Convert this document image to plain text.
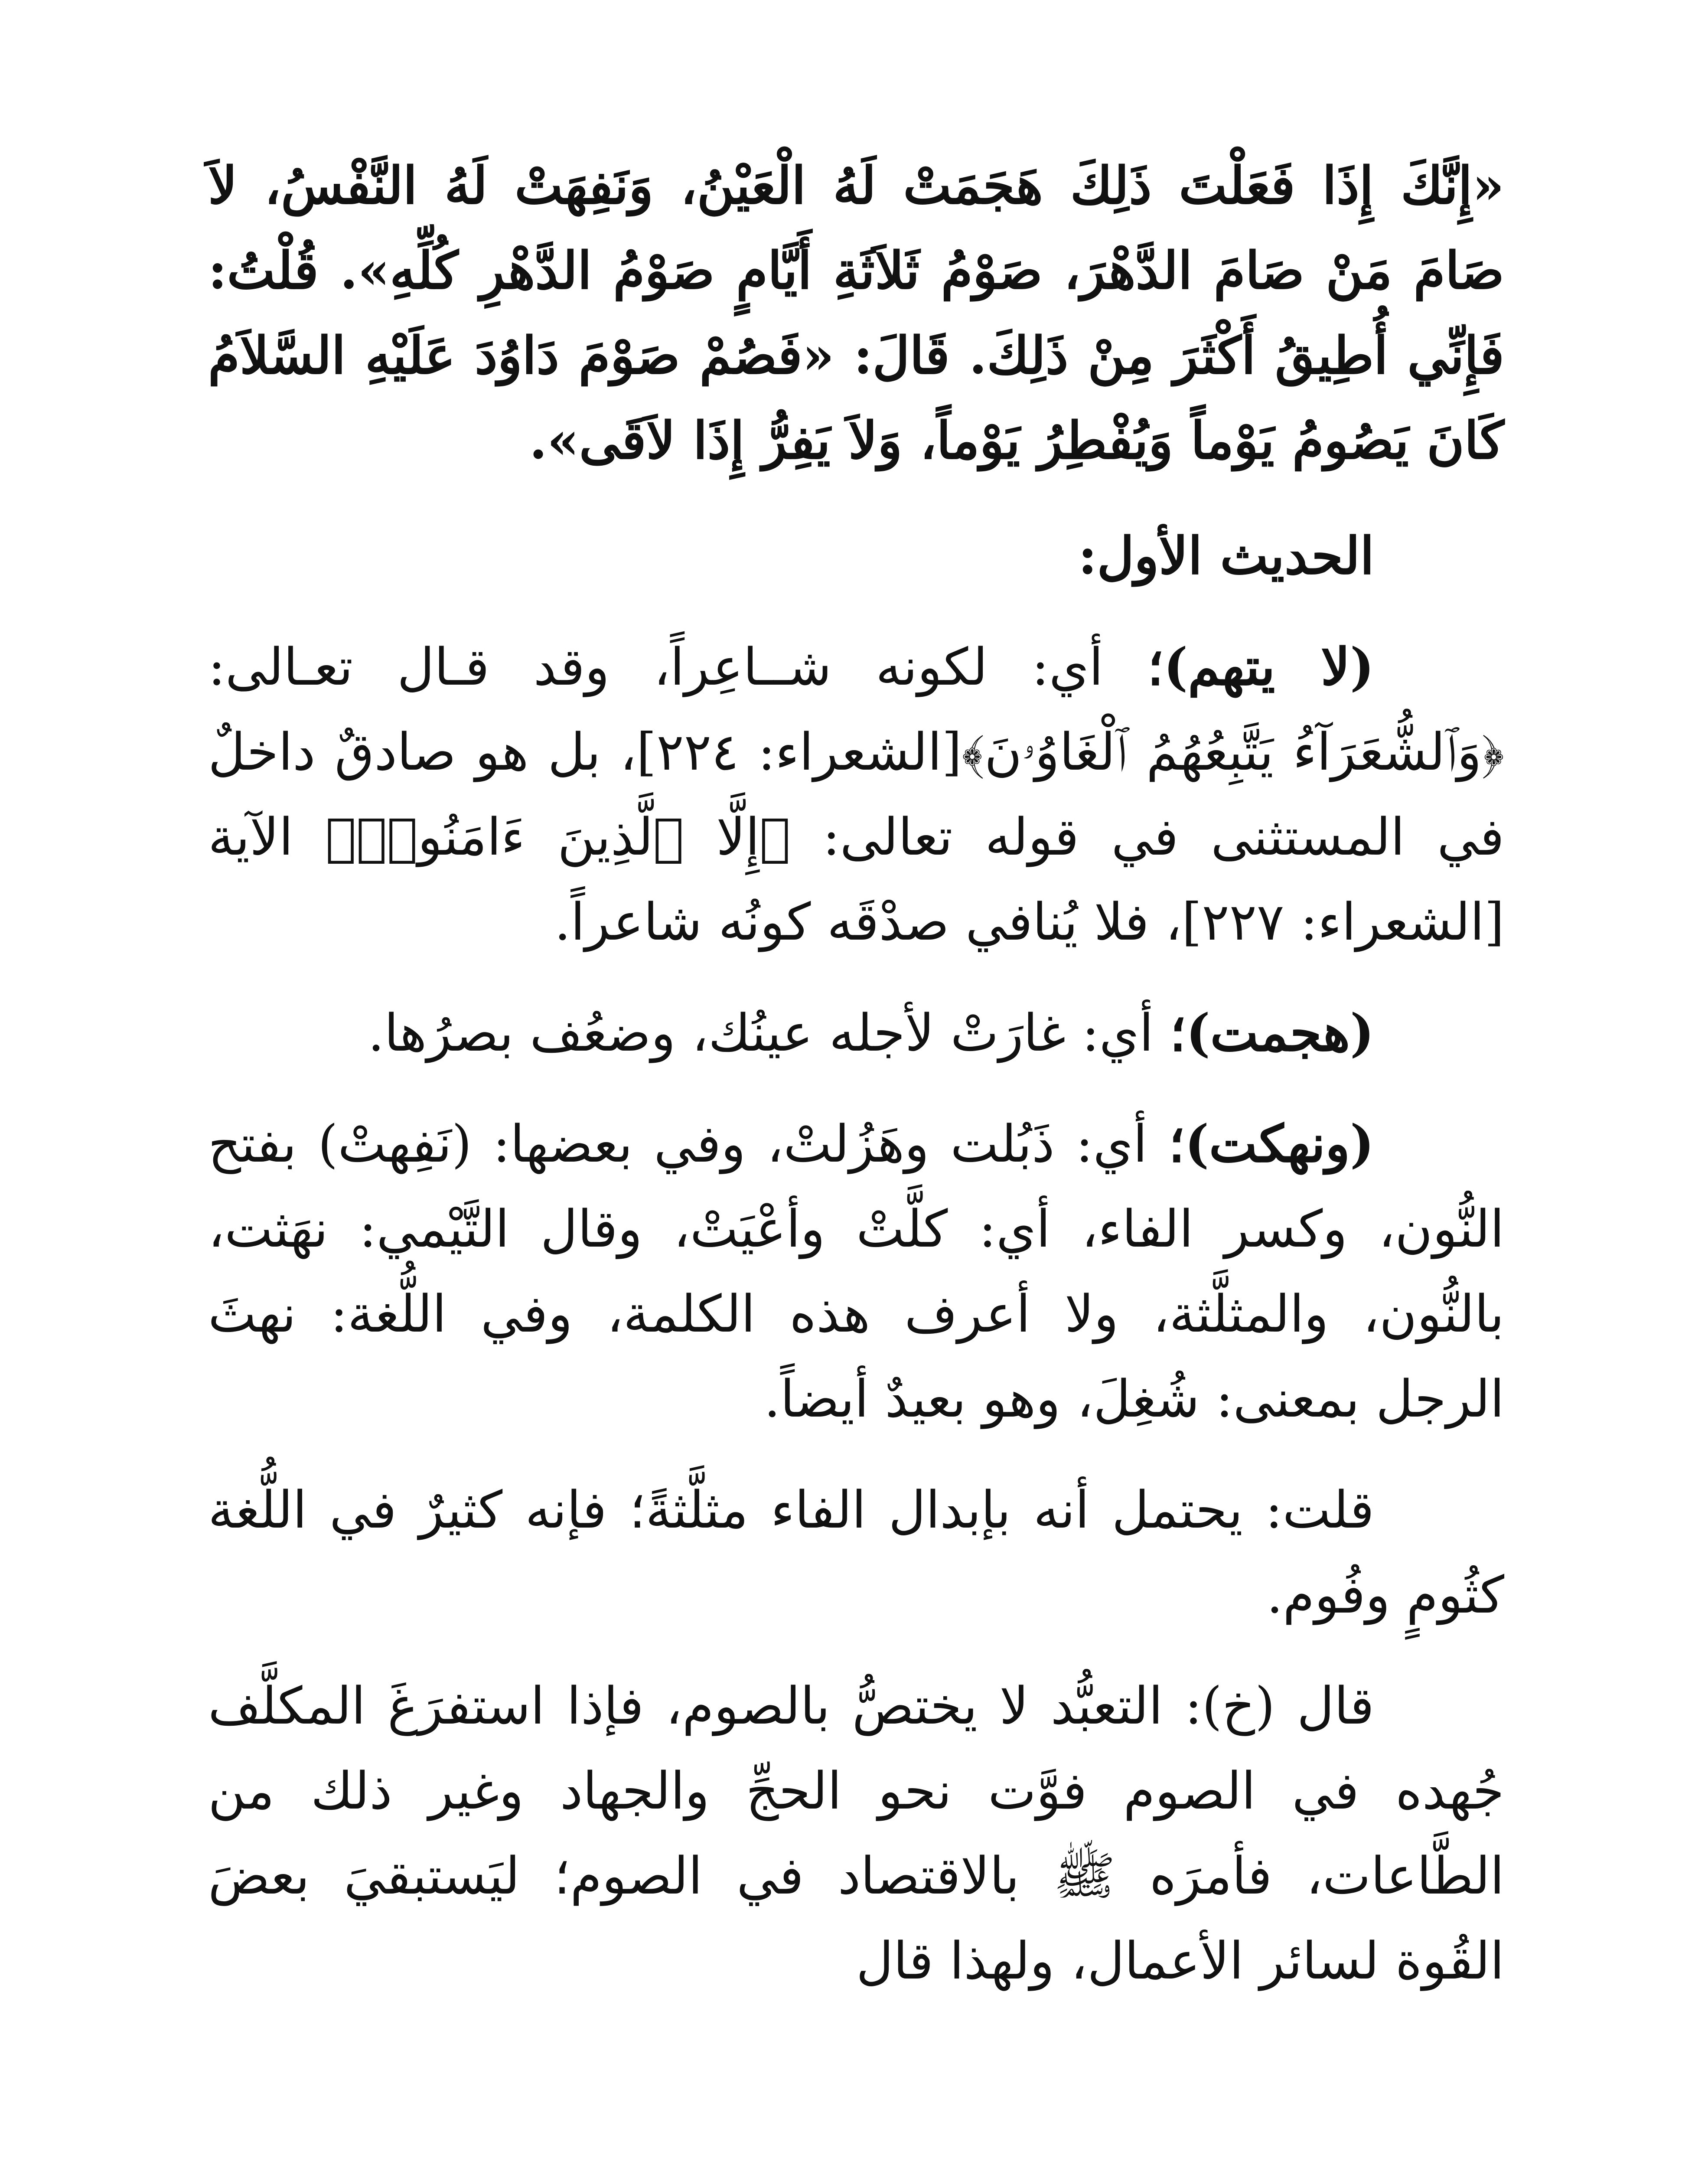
«إِنَّكَ إِذَا فَعَلْتَ ذَلِكَ هَجَمَتْ لَهُ الْعَيْنُ، وَنَفِهَتْ لَهُ النَّفْسُ، لاَ صَامَ مَنْ صَامَ الدَّهْرَ، صَوْمُ ثَلاَثَةِ أَيَّامٍ صَوْمُ الدَّهْرِ كُلِّهِ». قُلْتُ: فَإِنِّي أُطِيقُ أَكْثَرَ مِنْ ذَلِكَ. قَالَ: «فَصُمْ صَوْمَ دَاوُدَ عَلَيْهِ السَّلاَمُ كَانَ يَصُومُ يَوْماً وَيُفْطِرُ يَوْماً، وَلاَ يَفِرُّ إِذَا لاَقَى».

الحديث الأول:

(لا يتهم)؛ أي: لكونه شــاعِراً، وقد قـال تعـالى: ﴿وَٱلشُّعَرَآءُ يَتَّبِعُهُمُ ٱلْغَاوُۥنَ﴾[الشعراء: ٢٢٤]، بل هو صادقٌ داخلٌ في المستثنى في قوله تعالى: ﴿إِلَّا ٱلَّذِينَ ءَامَنُوا۟﴾ الآية [الشعراء: ٢٢٧]، فلا يُنافي صدْقَه كونُه شاعراً.

(هجمت)؛ أي: غارَتْ لأجله عينُك، وضعُف بصرُها.

(ونهكت)؛ أي: ذَبُلت وهَزُلتْ، وفي بعضها: (نَفِهتْ) بفتح النُّون، وكسر الفاء، أي: كلَّتْ وأعْيَتْ، وقال التَّيْمي: نهَثت، بالنُّون، والمثلَّثة، ولا أعرف هذه الكلمة، وفي اللُّغة: نهثَ الرجل بمعنى: شُغِلَ، وهو بعيدٌ أيضاً.

قلت: يحتمل أنه بإبدال الفاء مثلَّثةً؛ فإنه كثيرٌ في اللُّغة كثُومٍ وفُوم.

قال (خ): التعبُّد لا يختصُّ بالصوم، فإذا استفرَغَ المكلَّف جُهده في الصوم فوَّت نحو الحجِّ والجهاد وغير ذلك من الطَّاعات، فأمرَه ﷺ بالاقتصاد في الصوم؛ ليَستبقيَ بعضَ القُوة لسائر الأعمال، ولهذا قال
